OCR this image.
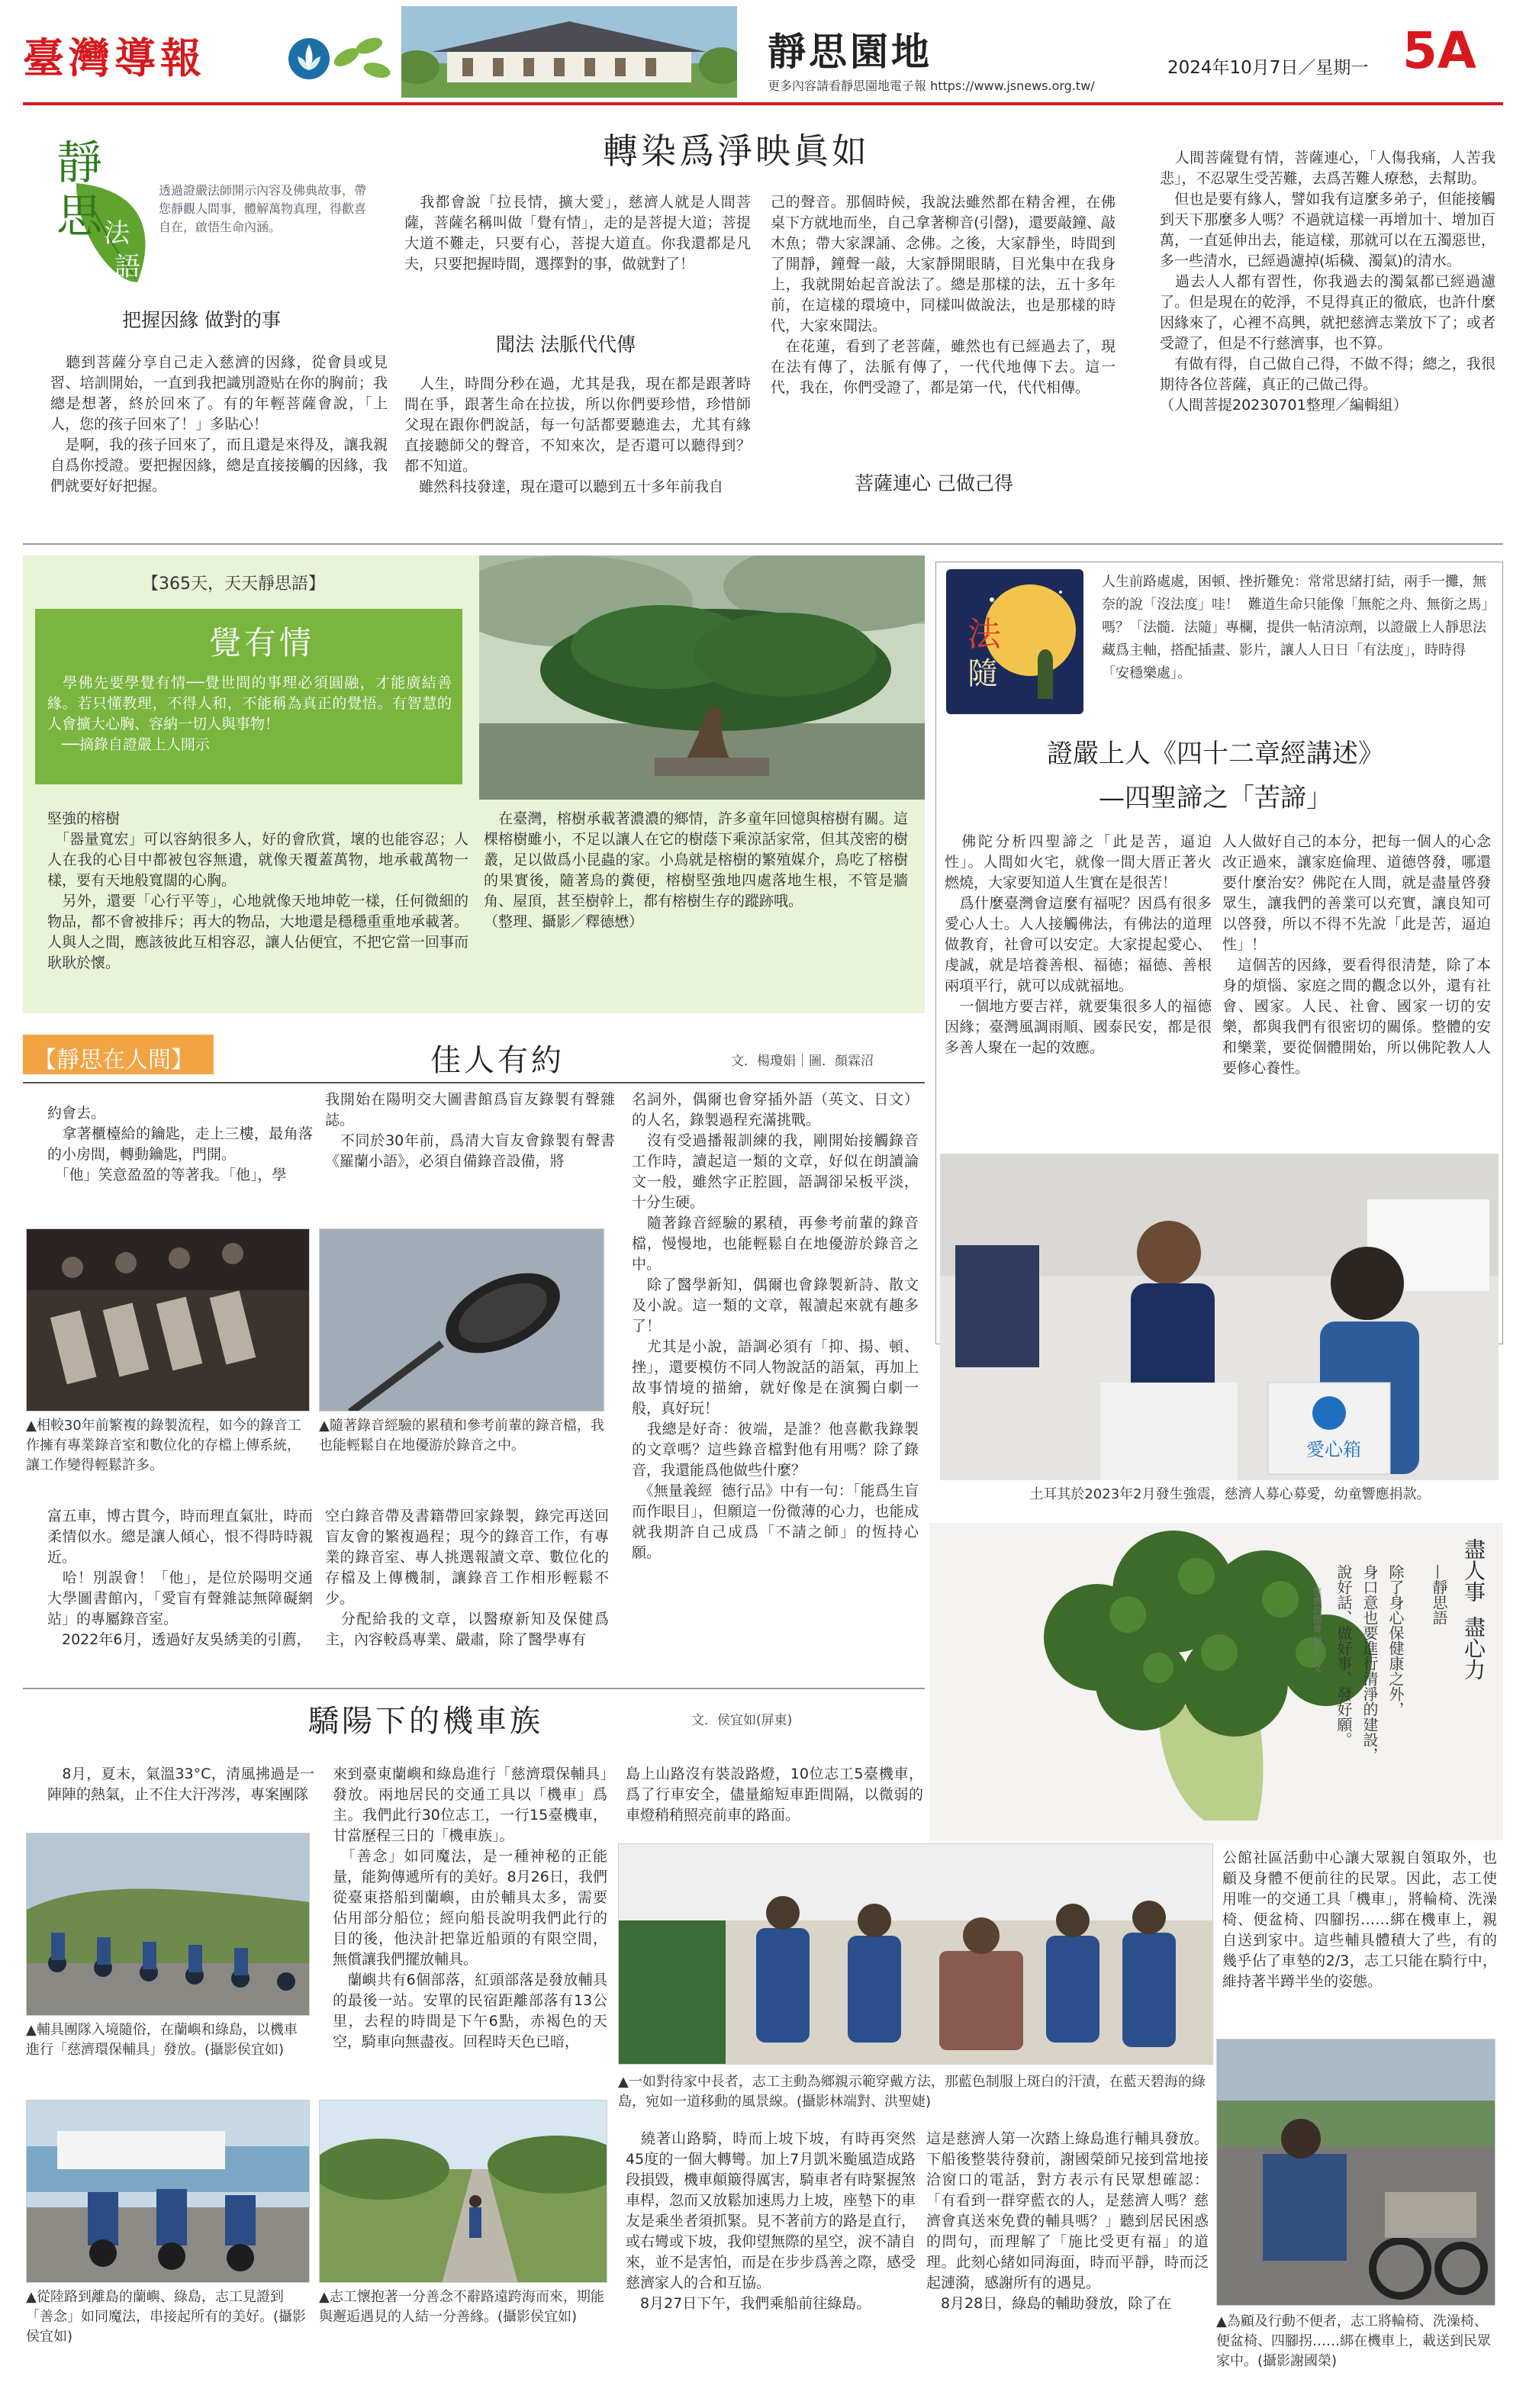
臺灣導報	靜思園地
更多內容請看靜思園地電子報 https://www.jsnews.org.tw/
2024年10月7日／星期一 5A
靜
思 法
語
透過證嚴法師開示內容及佛典故事，帶您靜觀人間事，體解萬物真理，得歡喜自在，啟悟生命內涵。
轉染爲淨映眞如
把握因緣 做對的事
　聽到菩薩分享自己走入慈濟的因緣，從會員或見習、培訓開始，一直到我把識別證贴在你的胸前；我總是想著，終於回來了。有的年輕菩薩會說，「上人，您的孩子回來了！」多貼心！
　是啊，我的孩子回來了，而且還是來得及，讓我親自爲你授證。要把握因緣，總是直接接觸的因緣，我們就要好好把握。
　我都會說「拉長情，擴大愛」，慈濟人就是人間菩薩，菩薩名稱叫做「覺有情」，走的是菩提大道；菩提大道不難走，只要有心，菩提大道直。你我還都是凡夫，只要把握時間，選擇對的事，做就對了！
聞法 法脈代代傳
　人生，時間分秒在過，尤其是我，現在都是跟著時間在爭，跟著生命在拉拔，所以你們要珍惜，珍惜師父現在跟你們說話，每一句話都要聽進去，尤其有緣直接聽師父的聲音，不知來次，是否還可以聽得到？都不知道。
　雖然科技發達，現在還可以聽到五十多年前我自
己的聲音。那個時候，我說法雖然都在精舍裡，在佛桌下方就地而坐，自己拿著柳音(引罄)，還要敲鐘、敲木魚；帶大家課誦、念佛。之後，大家靜坐，時間到了開靜，鐘聲一敲，大家靜開眼睛，目光集中在我身上，我就開始起音說法了。總是那樣的法，五十多年前，在這樣的環境中，同樣叫做說法，也是那樣的時代，大家來聞法。
　在花蓮，看到了老菩薩，雖然也有已經過去了，現在法有傳了，法脈有傳了，一代代地傳下去。這一代，我在，你們受證了，都是第一代，代代相傳。
菩薩連心 己做己得
　人間菩薩覺有情，菩薩連心，「人傷我痛，人苦我悲」，不忍眾生受苦難，去爲苦難人療愁，去幫助。
　但也是要有緣人，譬如我有這麼多弟子，但能接觸到天下那麼多人嗎？不過就這樣一再增加十、增加百萬，一直延伸出去，能這樣，那就可以在五濁惡世，多一些清水，已經過濾掉(垢穢、濁氣)的清水。
　過去人人都有習性，你我過去的濁氣都已經過濾了。但是現在的乾淨，不見得真正的徹底，也許什麼因緣來了，心裡不高興，就把慈濟志業放下了；或者受證了，但是不行慈濟事，也不算。
　有做有得，自己做自己得，不做不得；總之，我很期待各位菩薩，真正的己做己得。
（人間菩提20230701整理／編輯組）
【365天，天天靜思語】
覺有情
　學佛先要學覺有情──覺世間的事理必須圓融，才能廣結善緣。若只懂教理，不得人和，不能稱為真正的覺悟。有智慧的人會擴大心胸、容納一切人與事物！
　──摘錄自證嚴上人開示
堅強的榕樹
　「器量寬宏」可以容納很多人，好的會欣賞，壞的也能容忍；人人在我的心目中都被包容無遺，就像天覆蓋萬物，地承載萬物一樣，要有天地般寬闊的心胸。
　另外，還要「心行平等」，心地就像天地坤乾一樣，任何微細的物品，都不會被排斥；再大的物品，大地還是穩穩重重地承載著。人與人之間，應該彼此互相容忍，讓人佔便宜，不把它當一回事而耿耿於懷。
　在臺灣，榕樹承載著濃濃的鄉情，許多童年回憶與榕樹有關。這棵榕樹雖小，不足以讓人在它的樹蔭下乘涼話家常，但其茂密的樹叢，足以做爲小昆蟲的家。小鳥就是榕樹的繁殖媒介，鳥吃了榕樹的果實後，隨著鳥的糞便，榕樹堅強地四處落地生根，不管是牆角、屋頂，甚至樹幹上，都有榕樹生存的蹤跡哦。
（整理、攝影／釋德懋）
法
隨
人生前路處處，困頓、挫折難免：常常思緒打結，兩手一攤，無奈的說「沒法度」哇！  難道生命只能像「無舵之舟、無銜之馬」嗎？「法髓．法隨」專欄，提供一帖清涼劑，以證嚴上人靜思法藏爲主軸，搭配插畫、影片，讓人人日日「有法度」，時時得「安穩樂處」。
證嚴上人《四十二章經講述》
—四聖諦之「苦諦」
　佛陀分析四聖諦之「此是苦，逼迫性」。人間如火宅，就像一間大厝正著火燃燒，大家要知道人生實在是很苦！
　爲什麼臺灣會這麼有福呢？因爲有很多愛心人士。人人接觸佛法，有佛法的道理做教育，社會可以安定。大家提起愛心、虔誠，就是培養善根、福德；福德、善根兩項平行，就可以成就福地。
　一個地方要吉祥，就要集很多人的福德因緣；臺灣風調雨順、國泰民安，都是很多善人聚在一起的效應。
人人做好自己的本分，把每一個人的心念改正過來，讓家庭倫理、道德啓發，哪還要什麼治安？佛陀在人間，就是盡量啓發眾生，讓我們的善業可以充實，讓良知可以啓發，所以不得不先說「此是苦，逼迫性」！
　這個苦的因緣，要看得很清楚，除了本身的煩惱、家庭之間的觀念以外，還有社會、國家。人民、社會、國家一切的安樂，都與我們有很密切的關係。整體的安和樂業，要從個體開始，所以佛陀教人人要修心養性。
愛心箱
土耳其於2023年2月發生強震，慈濟人募心募愛，幼童響應捐款。
【靜思在人間】	佳人有約	文．楊瓊娟｜圖．顏霖沼
約會去。
　拿著櫃檯給的鑰匙，走上三樓，最角落的小房間，轉動鑰匙，門開。
　「他」笑意盈盈的等著我。「他」，學
我開始在陽明交大圖書館爲盲友錄製有聲雜誌。
　不同於30年前，爲清大盲友會錄製有聲書《羅蘭小語》，必須自備錄音設備，將
▲相較30年前繁複的錄製流程，如今的錄音工作擁有專業錄音室和數位化的存檔上傳系統，讓工作變得輕鬆許多。
▲隨著錄音經驗的累積和參考前輩的錄音檔，我也能輕鬆自在地優游於錄音之中。
富五車，博古貫今，時而理直氣壯，時而柔情似水。總是讓人傾心，恨不得時時親近。
　哈！別誤會！「他」，是位於陽明交通大學圖書館內，「愛盲有聲雜誌無障礙網站」的專屬錄音室。
　2022年6月，透過好友吳綉美的引薦，
空白錄音帶及書籍帶回家錄製，錄完再送回盲友會的繁複過程；現今的錄音工作，有專業的錄音室、專人挑選報讀文章、數位化的存檔及上傳機制，讓錄音工作相形輕鬆不少。
　分配給我的文章，以醫療新知及保健爲主，內容較爲專業、嚴肅，除了醫學專有
名詞外，偶爾也會穿插外語（英文、日文）的人名，錄製過程充滿挑戰。
　沒有受過播報訓練的我，剛開始接觸錄音工作時，讀起這一類的文章，好似在朗讀論文一般，雖然字正腔圓，語調卻呆板平淡，十分生硬。
　隨著錄音經驗的累積，再參考前輩的錄音檔，慢慢地，也能輕鬆自在地優游於錄音之中。
　除了醫學新知，偶爾也會錄製新詩、散文及小說。這一類的文章，報讀起來就有趣多了！
　尤其是小說，語調必須有「抑、揚、頓、挫」，還要模仿不同人物說話的語氣，再加上故事情境的描繪，就好像是在演獨白劇一般，真好玩！
　我總是好奇：彼端，是誰？他喜歡我錄製的文章嗎？這些錄音檔對他有用嗎？除了錄音，我還能爲他做些什麼？
　《無量義經  德行品》中有一句：「能爲生盲而作眼目」，但願這一份微薄的心力，也能成就我期許自己成爲「不請之師」的恆持心願。	盡人事  盡心力
—靜思語
除了身心保健康之外，
身口意也要進行清淨的建設，
說好話、做好事、發好願。
慈濟功德會 靜思人文
驕陽下的機車族	文．侯宜如(屏東)
　8月，夏末，氣溫33°C，清風拂過是一陣陣的熱氣，止不住大汗涔涔，專案團隊
來到臺東蘭嶼和綠島進行「慈濟環保輔具」發放。兩地居民的交通工具以「機車」爲主。我們此行30位志工，一行15臺機車，甘當歷程三日的「機車族」。
　「善念」如同魔法，是一種神秘的正能量，能夠傳遞所有的美好。8月26日，我們從臺東搭船到蘭嶼，由於輔具太多，需要佔用部分船位；經向船長說明我們此行的目的後，他決計把靠近船頭的有限空間，無償讓我們擺放輔具。
　蘭嶼共有6個部落，紅頭部落是發放輔具的最後一站。安單的民宿距離部落有13公里，去程的時間是下午6點，赤褐色的天空，騎車向無盡夜。回程時天色已暗，
島上山路沒有裝設路燈，10位志工5臺機車，爲了行車安全，儘量縮短車距間隔，以微弱的車燈稍稍照亮前車的路面。
公館社區活動中心讓大眾親自領取外，也顧及身體不便前往的民眾。因此，志工使用唯一的交通工具「機車」，將輪椅、洗澡椅、便盆椅、四腳拐……綁在機車上，親自送到家中。這些輔具體積大了些，有的幾乎佔了車墊的2/3，志工只能在騎行中，維持著半蹲半坐的姿態。
▲輔具團隊入境隨俗，在蘭嶼和綠島，以機車進行「慈濟環保輔具」發放。(攝影侯宜如)
▲一如對待家中長者，志工主動為鄉親示範穿戴方法，那藍色制服上斑白的汗漬，在藍天碧海的綠島，宛如一道移動的風景線。(攝影林端對、洪聖婕)
▲為顧及行動不便者，志工將輪椅、洗澡椅、便盆椅、四腳拐……綁在機車上，載送到民眾家中。(攝影謝國榮)
▲從陸路到離島的蘭嶼、綠島，志工見證到「善念」如同魔法，串接起所有的美好。(攝影侯宜如)
▲志工懷抱著一分善念不辭路遠跨海而來，期能與邂逅遇見的人結一分善緣。(攝影侯宜如)
　繞著山路騎，時而上坡下坡，有時再突然45度的一個大轉彎。加上7月凱米颱風造成路段損毀，機車顛簸得厲害，騎車者有時緊握煞車桿，忽而又放鬆加速馬力上坡，座墊下的車友是乘坐者須抓緊。見不著前方的路是直行，或右彎或下坡，我仰望無際的星空，淚不請自來，並不是害怕，而是在步步爲善之際，感受慈濟家人的合和互協。
　8月27日下午，我們乘船前往綠島。
這是慈濟人第一次踏上綠島進行輔具發放。下船後整裝待發前，謝國榮師兄接到當地接洽窗口的電話，對方表示有民眾想確認：「有看到一群穿藍衣的人，是慈濟人嗎？慈濟會真送來免費的輔具嗎？」聽到居民困惑的問句，而理解了「施比受更有福」的道理。此刻心緒如同海面，時而平靜，時而泛起漣漪，感謝所有的遇見。
　8月28日，綠島的輔助發放，除了在
